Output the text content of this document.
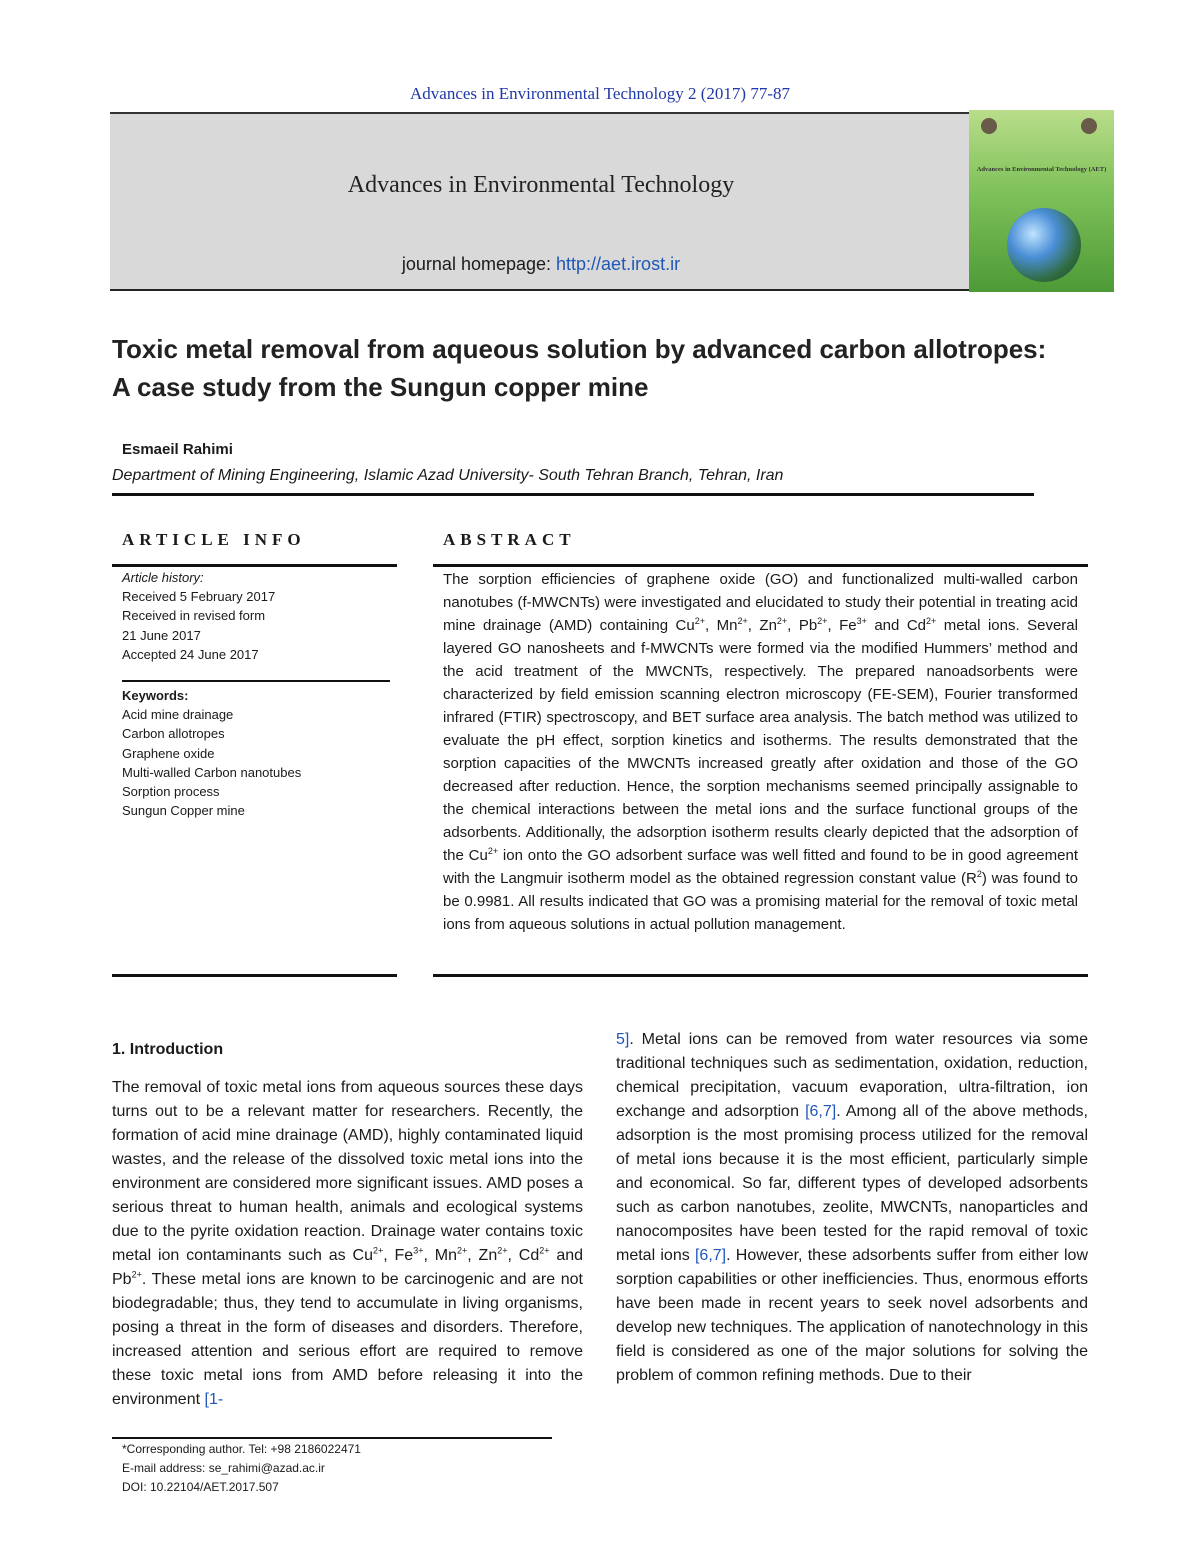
Advances in Environmental Technology 2 (2017) 77-87
Advances in Environmental Technology
journal homepage: http://aet.irost.ir
Advances in Environmental Technology (AET)
Toxic metal removal from aqueous solution by advanced carbon allotropes:
A case study from the Sungun copper mine
Esmaeil Rahimi
Department of Mining Engineering, Islamic Azad University- South Tehran Branch, Tehran, Iran
ARTICLE INFO
Article history:
Received 5 February 2017
Received in revised form
21 June 2017
Accepted 24 June 2017
Keywords:
Acid mine drainage
Carbon allotropes
Graphene oxide
Multi-walled Carbon nanotubes
Sorption process
Sungun Copper mine
ABSTRACT

The sorption efficiencies of graphene oxide (GO) and functionalized multi-walled carbon nanotubes (f-MWCNTs) were investigated and elucidated to study their potential in treating acid mine drainage (AMD) containing $Cu^{2+}$, $Mn^{2+}$, $Zn^{2+}$, $Pb^{2+}$, $Fe^{3+}$ and $Cd^{2+}$ metal ions. Several layered GO nanosheets and f-MWCNTs were formed via the modified Hummers’ method and the acid treatment of the MWCNTs, respectively. The prepared nanoadsorbents were characterized by field emission scanning electron microscopy (FE-SEM), Fourier transformed infrared (FTIR) spectroscopy, and BET surface area analysis. The batch method was utilized to evaluate the pH effect, sorption kinetics and isotherms. The results demonstrated that the sorption capacities of the MWCNTs increased greatly after oxidation and those of the GO decreased after reduction. Hence, the sorption mechanisms seemed principally assignable to the chemical interactions between the metal ions and the surface functional groups of the adsorbents. Additionally, the adsorption isotherm results clearly depicted that the adsorption of the $Cu^{2+}$ ion onto the GO adsorbent surface was well fitted and found to be in good agreement with the Langmuir isotherm model as the obtained regression constant value $(R^2)$ was found to be 0.9981. All results indicated that GO was a promising material for the removal of toxic metal ions from aqueous solutions in actual pollution management.

1. Introduction
The removal of toxic metal ions from aqueous sources these days turns out to be a relevant matter for researchers. Recently, the formation of acid mine drainage (AMD), highly contaminated liquid wastes, and the release of the dissolved toxic metal ions into the environment are considered more significant issues. AMD poses a serious threat to human health, animals and ecological systems due to the pyrite oxidation reaction. Drainage water contains toxic metal ion contaminants such as $Cu^{2+}$, $Fe^{3+}$, $Mn^{2+}$, $Zn^{2+}$, $Cd^{2+}$ and $Pb^{2+}$. These metal ions are known to be carcinogenic and are not biodegradable; thus, they tend to accumulate in living organisms, posing a threat in the form of diseases and disorders. Therefore, increased attention and serious effort are required to remove these toxic metal ions from AMD before releasing it into the environment [1-
5]. Metal ions can be removed from water resources via some traditional techniques such as sedimentation, oxidation, reduction, chemical precipitation, vacuum evaporation, ultra-filtration, ion exchange and adsorption [6,7]. Among all of the above methods, adsorption is the most promising process utilized for the removal of metal ions because it is the most efficient, particularly simple and economical. So far, different types of developed adsorbents such as carbon nanotubes, zeolite, MWCNTs, nanoparticles and nanocomposites have been tested for the rapid removal of toxic metal ions [6,7]. However, these adsorbents suffer from either low sorption capabilities or other inefficiencies. Thus, enormous efforts have been made in recent years to seek novel adsorbents and develop new techniques. The application of nanotechnology in this field is considered as one of the major solutions for solving the problem of common refining methods. Due to their
*Corresponding author. Tel: +98 2186022471
E-mail address: se_rahimi@azad.ac.ir
DOI: 10.22104/AET.2017.507
